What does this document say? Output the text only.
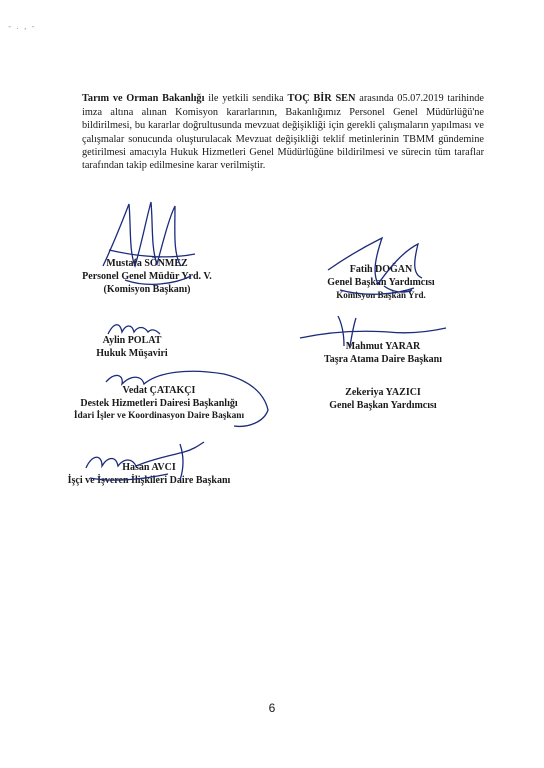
- . , -

Tarım ve Orman Bakanlığı ile yetkili sendika TOÇ BİR SEN arasında 05.07.2019 tarihinde imza altına alınan Komisyon kararlarının, Bakanlığımız Personel Genel Müdürlüğü'ne bildirilmesi, bu kararlar doğrultusunda mevzuat değişikliği için gerekli çalışmaların yapılması ve çalışmalar sonucunda oluşturulacak Mevzuat değişikliği teklif metinlerinin TBMM gündemine getirilmesi amacıyla Hukuk Hizmetleri Genel Müdürlüğüne bildirilmesi ve sürecin tüm taraflar tarafından takip edilmesine karar verilmiştir.

Mustafa SÖNMEZ
Personel Genel Müdür Yrd. V.
(Komisyon Başkanı)
Fatih DOĞAN
Genel Başkan Yardımcısı
Komisyon Başkan Yrd.
Aylin POLAT
Hukuk Müşaviri
Mahmut YARAR
Taşra Atama Daire Başkanı
Vedat ÇATAKÇI
Destek Hizmetleri Dairesi Başkanlığı
İdari İşler ve Koordinasyon Daire Başkanı
Zekeriya YAZICI
Genel Başkan Yardımcısı
Hasan AVCI
İşçi ve İşveren İlişkileri Daire Başkanı
6
